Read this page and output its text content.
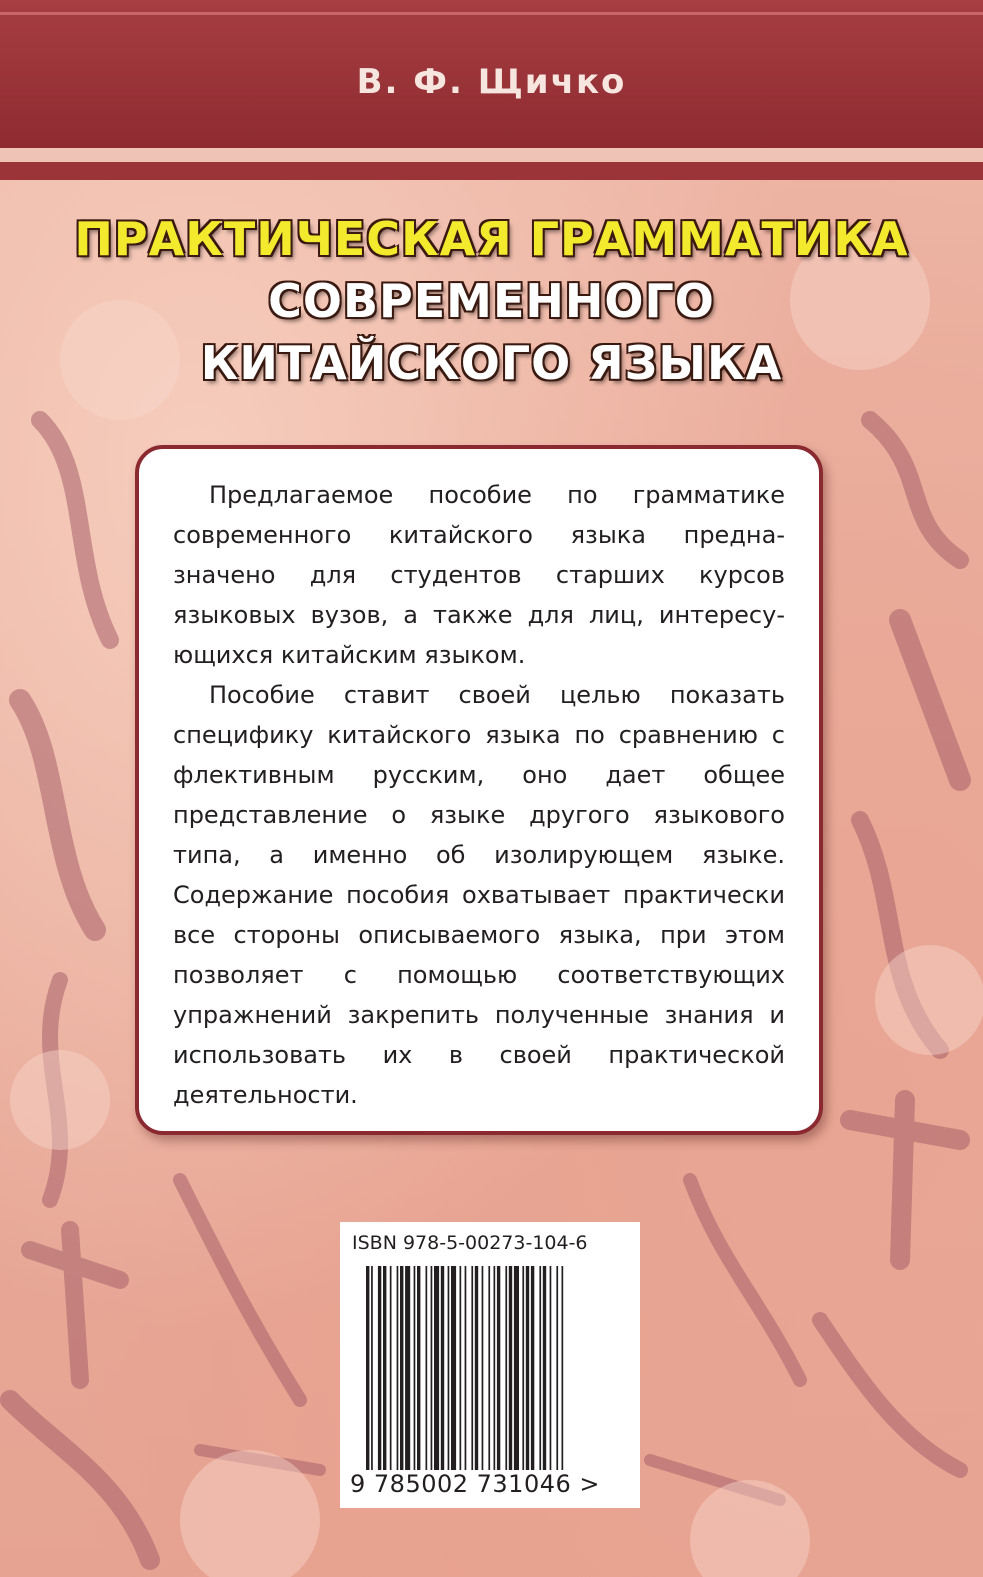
В. Ф. Щичко
ПРАКТИЧЕСКАЯ ГРАММАТИКА
СОВРЕМЕННОГО
КИТАЙСКОГО ЯЗЫКА

Предлагаемое пособие по грамматике современного китайского языка предназначено для студентов старших курсов языковых вузов, а также для лиц, интересующихся китайским языком.

Пособие ставит своей целью показать специфику китайского языка по сравнению с флективным русским, оно дает общее представление о языке другого языкового типа, а именно об изолирующем языке. Содержание пособия охватывает практически все стороны описываемого языка, при этом позволяет с помощью соответствующих упражнений закрепить полученные знания и использовать их в своей практической деятельности.

ISBN 978-5-00273-104-6
9 785002 731046 >
